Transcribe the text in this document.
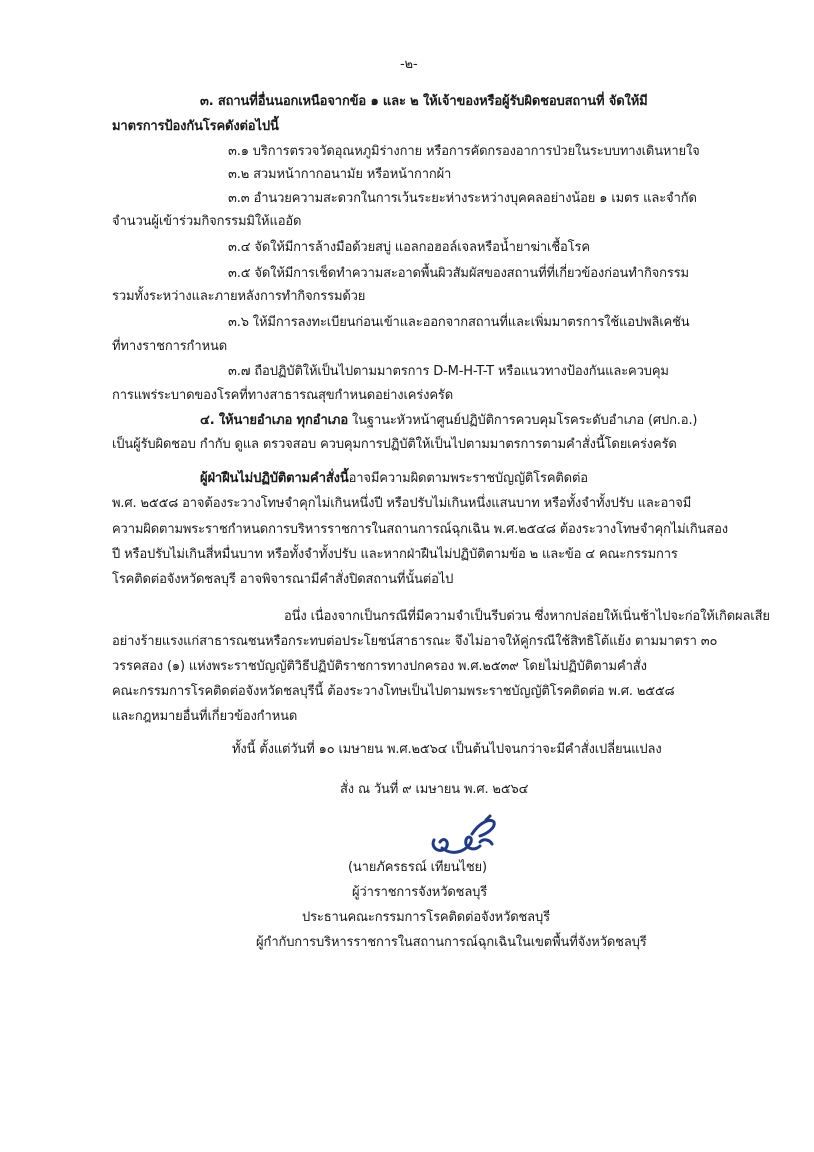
-๒-
๓. สถานที่อื่นนอกเหนือจากข้อ ๑ และ ๒ ให้เจ้าของหรือผู้รับผิดชอบสถานที่ จัดให้มี
มาตรการป้องกันโรคดังต่อไปนี้
๓.๑ บริการตรวจวัดอุณหภูมิร่างกาย หรือการคัดกรองอาการป่วยในระบบทางเดินหายใจ
๓.๒ สวมหน้ากากอนามัย หรือหน้ากากผ้า
๓.๓ อำนวยความสะดวกในการเว้นระยะห่างระหว่างบุคคลอย่างน้อย ๑ เมตร และจำกัด
จำนวนผู้เข้าร่วมกิจกรรมมิให้แออัด
๓.๔ จัดให้มีการล้างมือด้วยสบู่ แอลกอฮอล์เจลหรือน้ำยาฆ่าเชื้อโรค
๓.๕ จัดให้มีการเช็ดทำความสะอาดพื้นผิวสัมผัสของสถานที่ที่เกี่ยวข้องก่อนทำกิจกรรม
รวมทั้งระหว่างและภายหลังการทำกิจกรรมด้วย
๓.๖ ให้มีการลงทะเบียนก่อนเข้าและออกจากสถานที่และเพิ่มมาตรการใช้แอปพลิเคชัน
ที่ทางราชการกำหนด
๓.๗ ถือปฏิบัติให้เป็นไปตามมาตรการ D-M-H-T-T หรือแนวทางป้องกันและควบคุม
การแพร่ระบาดของโรคที่ทางสาธารณสุขกำหนดอย่างเคร่งครัด
๔. ให้นายอำเภอ ทุกอำเภอ ในฐานะหัวหน้าศูนย์ปฏิบัติการควบคุมโรคระดับอำเภอ (ศปก.อ.)
เป็นผู้รับผิดชอบ กำกับ ดูแล ตรวจสอบ ควบคุมการปฏิบัติให้เป็นไปตามมาตรการตามคำสั่งนี้โดยเคร่งครัด
ผู้ฝ่าฝืนไม่ปฏิบัติตามคำสั่งนี้อาจมีความผิดตามพระราชบัญญัติโรคติดต่อ
พ.ศ. ๒๕๕๘ อาจต้องระวางโทษจำคุกไม่เกินหนึ่งปี หรือปรับไม่เกินหนึ่งแสนบาท หรือทั้งจำทั้งปรับ และอาจมี
ความผิดตามพระราชกำหนดการบริหารราชการในสถานการณ์ฉุกเฉิน พ.ศ.๒๕๔๘ ต้องระวางโทษจำคุกไม่เกินสอง
ปี หรือปรับไม่เกินสี่หมื่นบาท หรือทั้งจำทั้งปรับ และหากฝ่าฝืนไม่ปฏิบัติตามข้อ ๒ และข้อ ๔ คณะกรรมการ
โรคติดต่อจังหวัดชลบุรี อาจพิจารณามีคำสั่งปิดสถานที่นั้นต่อไป
อนึ่ง เนื่องจากเป็นกรณีที่มีความจำเป็นรีบด่วน ซึ่งหากปล่อยให้เนิ่นช้าไปจะก่อให้เกิดผลเสีย
อย่างร้ายแรงแก่สาธารณชนหรือกระทบต่อประโยชน์สาธารณะ จึงไม่อาจให้คู่กรณีใช้สิทธิโต้แย้ง ตามมาตรา ๓๐
วรรคสอง (๑) แห่งพระราชบัญญัติวิธีปฏิบัติราชการทางปกครอง พ.ศ.๒๕๓๙ โดยไม่ปฏิบัติตามคำสั่ง
คณะกรรมการโรคติดต่อจังหวัดชลบุรีนี้ ต้องระวางโทษเป็นไปตามพระราชบัญญัติโรคติดต่อ พ.ศ. ๒๕๕๘
และกฎหมายอื่นที่เกี่ยวข้องกำหนด
ทั้งนี้ ตั้งแต่วันที่ ๑๐ เมษายน พ.ศ.๒๕๖๔ เป็นต้นไปจนกว่าจะมีคำสั่งเปลี่ยนแปลง
สั่ง ณ วันที่ ๙ เมษายน พ.ศ. ๒๕๖๔
(นายภัครธรณ์ เทียนไชย)
ผู้ว่าราชการจังหวัดชลบุรี
ประธานคณะกรรมการโรคติดต่อจังหวัดชลบุรี
ผู้กำกับการบริหารราชการในสถานการณ์ฉุกเฉินในเขตพื้นที่จังหวัดชลบุรี
